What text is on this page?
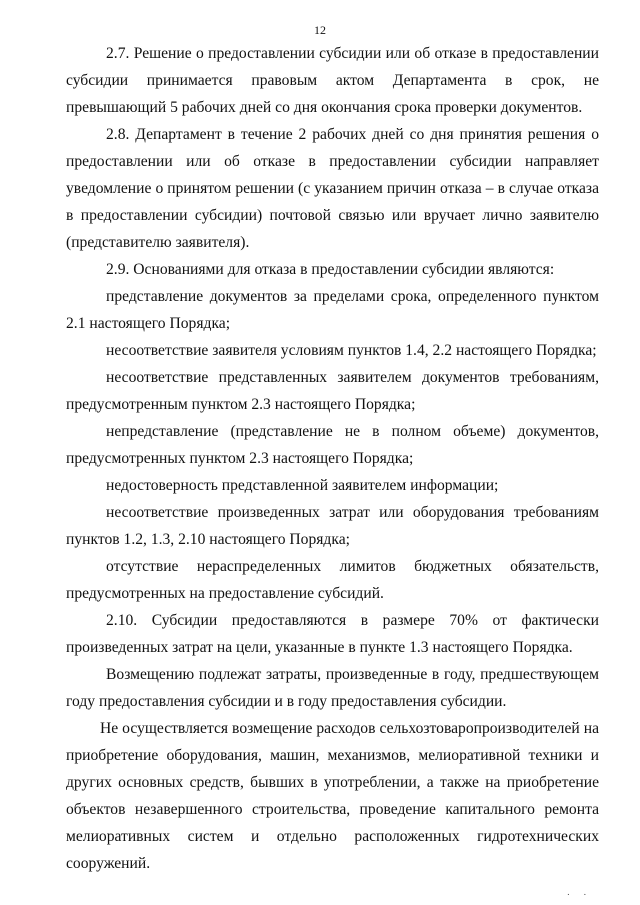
12

2.7. Решение о предоставлении субсидии или об отказе в предоставлении субсидии принимается правовым актом Департамента в срок, не превышающий 5 рабочих дней со дня окончания срока проверки документов.

2.8. Департамент в течение 2 рабочих дней со дня принятия решения о предоставлении или об отказе в предоставлении субсидии направляет уведомление о принятом решении (с указанием причин отказа – в случае отказа в предоставлении субсидии) почтовой связью или вручает лично заявителю (представителю заявителя).

2.9. Основаниями для отказа в предоставлении субсидии являются:

представление документов за пределами срока, определенного пунктом 2.1 настоящего Порядка;

несоответствие заявителя условиям пунктов 1.4, 2.2 настоящего Порядка;

несоответствие представленных заявителем документов требованиям, предусмотренным пунктом 2.3 настоящего Порядка;

непредставление (представление не в полном объеме) документов, предусмотренных пунктом 2.3 настоящего Порядка;

недостоверность представленной заявителем информации;

несоответствие произведенных затрат или оборудования требованиям пунктов 1.2, 1.3, 2.10 настоящего Порядка;

отсутствие нераспределенных лимитов бюджетных обязательств, предусмотренных на предоставление субсидий.

2.10. Субсидии предоставляются в размере 70% от фактически произведенных затрат на цели, указанные в пункте 1.3 настоящего Порядка.

Возмещению подлежат затраты, произведенные в году, предшествующем году предоставления субсидии и в году предоставления субсидии.

Не осуществляется возмещение расходов сельхозтоваропроизводителей на приобретение оборудования, машин, механизмов, мелиоративной техники и других основных средств, бывших в употреблении, а также на приобретение объектов незавершенного строительства, проведение капитального ремонта мелиоративных систем и отдельно расположенных гидротехнических сооружений.

. .
